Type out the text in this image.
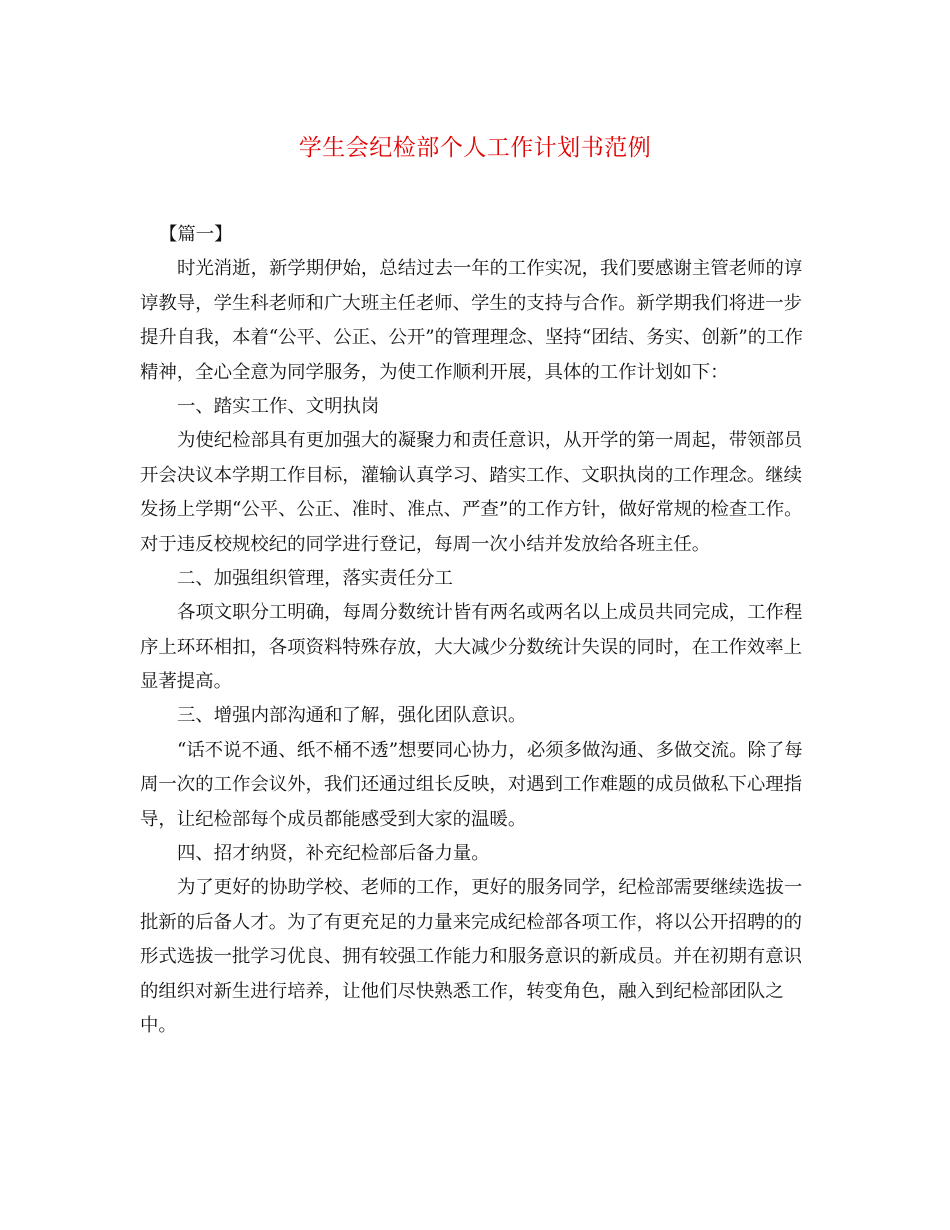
学生会纪检部个人工作计划书范例
【篇一】
时光消逝，新学期伊始，总结过去一年的工作实况，我们要感谢主管老师的谆
谆教导，学生科老师和广大班主任老师、学生的支持与合作。新学期我们将进一步
提升自我，本着“公平、公正、公开”的管理理念、坚持“团结、务实、创新”的工作
精神，全心全意为同学服务，为使工作顺利开展，具体的工作计划如下：
一、踏实工作、文明执岗
为使纪检部具有更加强大的凝聚力和责任意识，从开学的第一周起，带领部员
开会决议本学期工作目标，灌输认真学习、踏实工作、文职执岗的工作理念。继续
发扬上学期“公平、公正、准时、准点、严查”的工作方针，做好常规的检查工作。
对于违反校规校纪的同学进行登记，每周一次小结并发放给各班主任。
二、加强组织管理，落实责任分工
各项文职分工明确，每周分数统计皆有两名或两名以上成员共同完成，工作程
序上环环相扣，各项资料特殊存放，大大减少分数统计失误的同时，在工作效率上
显著提高。
三、增强内部沟通和了解，强化团队意识。
“话不说不通、纸不桶不透”想要同心协力，必须多做沟通、多做交流。除了每
周一次的工作会议外，我们还通过组长反映，对遇到工作难题的成员做私下心理指
导，让纪检部每个成员都能感受到大家的温暖。
四、招才纳贤，补充纪检部后备力量。
为了更好的协助学校、老师的工作，更好的服务同学，纪检部需要继续选拔一
批新的后备人才。为了有更充足的力量来完成纪检部各项工作，将以公开招聘的的
形式选拔一批学习优良、拥有较强工作能力和服务意识的新成员。并在初期有意识
的组织对新生进行培养，让他们尽快熟悉工作，转变角色，融入到纪检部团队之
中。
